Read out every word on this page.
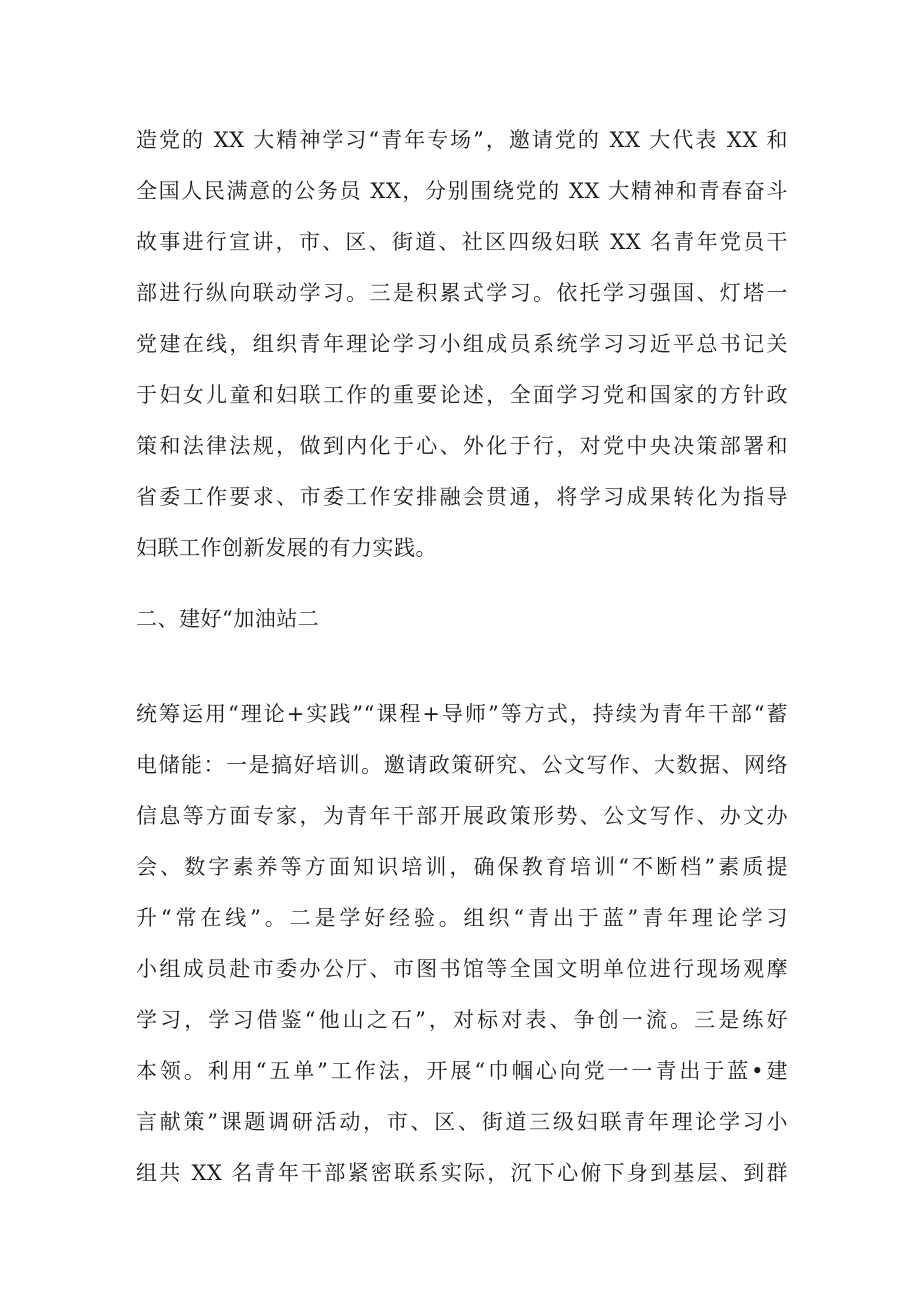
造党的 XX 大精神学习“青年专场”，邀请党的 XX 大代表 XX 和
全国人民满意的公务员 XX，分别围绕党的 XX 大精神和青春奋斗
故事进行宣讲，市、区、街道、社区四级妇联 XX 名青年党员干
部进行纵向联动学习。三是积累式学习。依托学习强国、灯塔一
党建在线，组织青年理论学习小组成员系统学习习近平总书记关
于妇女儿童和妇联工作的重要论述，全面学习党和国家的方针政
策和法律法规，做到内化于心、外化于行，对党中央决策部署和
省委工作要求、市委工作安排融会贯通，将学习成果转化为指导
妇联工作创新发展的有力实践。
二、建好“加油站二
统筹运用“理论+实践”“课程+导师”等方式，持续为青年干部“蓄
电储能：一是搞好培训。邀请政策研究、公文写作、大数据、网络
信息等方面专家，为青年干部开展政策形势、公文写作、办文办
会、数字素养等方面知识培训，确保教育培训“不断档”素质提
升“常在线”。二是学好经验。组织“青出于蓝”青年理论学习
小组成员赴市委办公厅、市图书馆等全国文明单位进行现场观摩
学习，学习借鉴“他山之石”，对标对表、争创一流。三是练好
本领。利用“五单”工作法，开展“巾帼心向党一一青出于蓝•建
言献策”课题调研活动，市、区、街道三级妇联青年理论学习小
组共 XX 名青年干部紧密联系实际，沉下心俯下身到基层、到群
